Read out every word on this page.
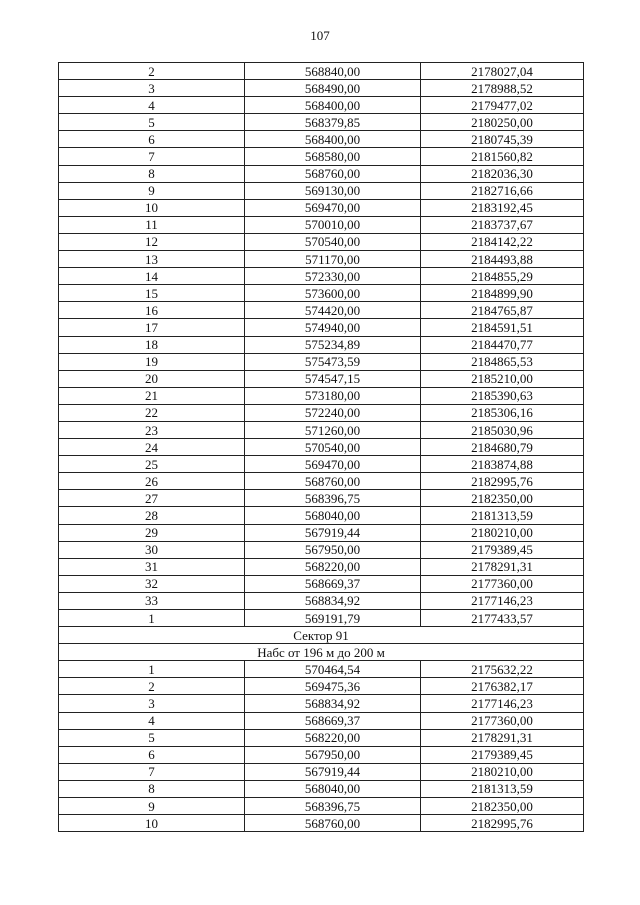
107
2	568840,00	2178027,04
3	568490,00	2178988,52
4	568400,00	2179477,02
5	568379,85	2180250,00
6	568400,00	2180745,39
7	568580,00	2181560,82
8	568760,00	2182036,30
9	569130,00	2182716,66
10	569470,00	2183192,45
11	570010,00	2183737,67
12	570540,00	2184142,22
13	571170,00	2184493,88
14	572330,00	2184855,29
15	573600,00	2184899,90
16	574420,00	2184765,87
17	574940,00	2184591,51
18	575234,89	2184470,77
19	575473,59	2184865,53
20	574547,15	2185210,00
21	573180,00	2185390,63
22	572240,00	2185306,16
23	571260,00	2185030,96
24	570540,00	2184680,79
25	569470,00	2183874,88
26	568760,00	2182995,76
27	568396,75	2182350,00
28	568040,00	2181313,59
29	567919,44	2180210,00
30	567950,00	2179389,45
31	568220,00	2178291,31
32	568669,37	2177360,00
33	568834,92	2177146,23
1	569191,79	2177433,57
Сектор 91		
Набс от 196 м до 200 м		
1	570464,54	2175632,22
2	569475,36	2176382,17
3	568834,92	2177146,23
4	568669,37	2177360,00
5	568220,00	2178291,31
6	567950,00	2179389,45
7	567919,44	2180210,00
8	568040,00	2181313,59
9	568396,75	2182350,00
10	568760,00	2182995,76
